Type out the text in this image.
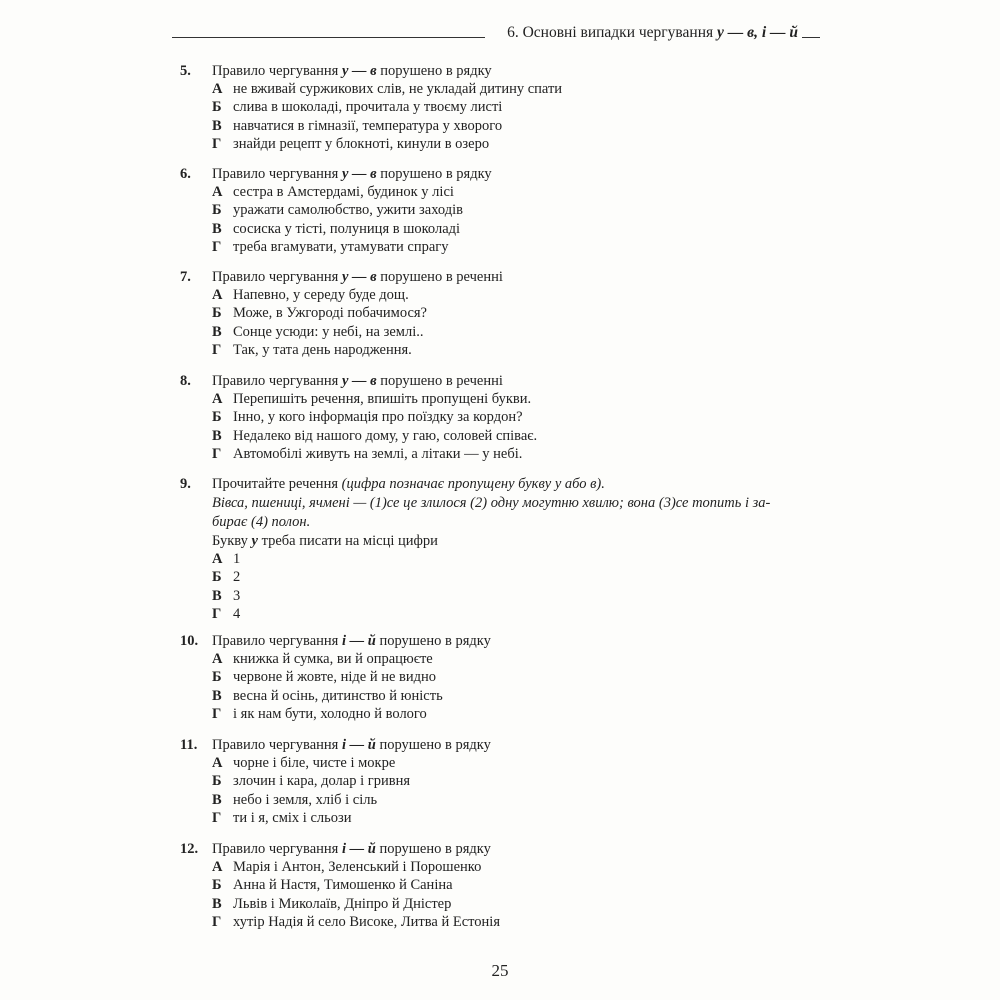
6. Основні випадки чергування у — в, і — й
5.	Правило чергування у — в порушено в рядку
А не вживай суржикових слів, не укладай дитину спати
Б слива в шоколаді, прочитала у твоєму листі
В навчатися в гімназії, температура у хворого
Г знайди рецепт у блокноті, кинули в озеро
6.	Правило чергування у — в порушено в рядку
А сестра в Амстердамі, будинок у лісі
Б уражати самолюбство, ужити заходів
В сосиска у тісті, полуниця в шоколаді
Г треба вгамувати, утамувати спрагу
7.	Правило чергування у — в порушено в реченні
А Напевно, у середу буде дощ.
Б Може, в Ужгороді побачимося?
В Сонце усюди: у небі, на землі..
Г Так, у тата день народження.
8.	Правило чергування у — в порушено в реченні
А Перепишіть речення, впишіть пропущені букви.
Б Інно, у кого інформація про поїздку за кордон?
В Недалеко від нашого дому, у гаю, соловей співає.
Г Автомобілі живуть на землі, а літаки — у небі.
9.	Прочитайте речення (цифра позначає пропущену букву у або в).
Вівса, пшениці, ячмені — (1)се це злилося (2) одну могутню хвилю; вона (3)се топить і за-
бирає (4) полон.
Букву у треба писати на місці цифри
А 1
Б 2
В 3
Г 4
10. Правило чергування і — й порушено в рядку
А книжка й сумка, ви й опрацюєте
Б червоне й жовте, ніде й не видно
В весна й осінь, дитинство й юність
Г і як нам бути, холодно й волого
11.	Правило чергування і — й порушено в рядку
А чорне і біле, чисте і мокре
Б злочин і кара, долар і гривня
В небо і земля, хліб і сіль
Г ти і я, сміх і сльози
12. Правило чергування і — й порушено в рядку
А Марія і Антон, Зеленський і Порошенко
Б Анна й Настя, Тимошенко й Саніна
В Львів і Миколаїв, Дніпро й Дністер
Г хутір Надія й село Високе, Литва й Естонія
25
